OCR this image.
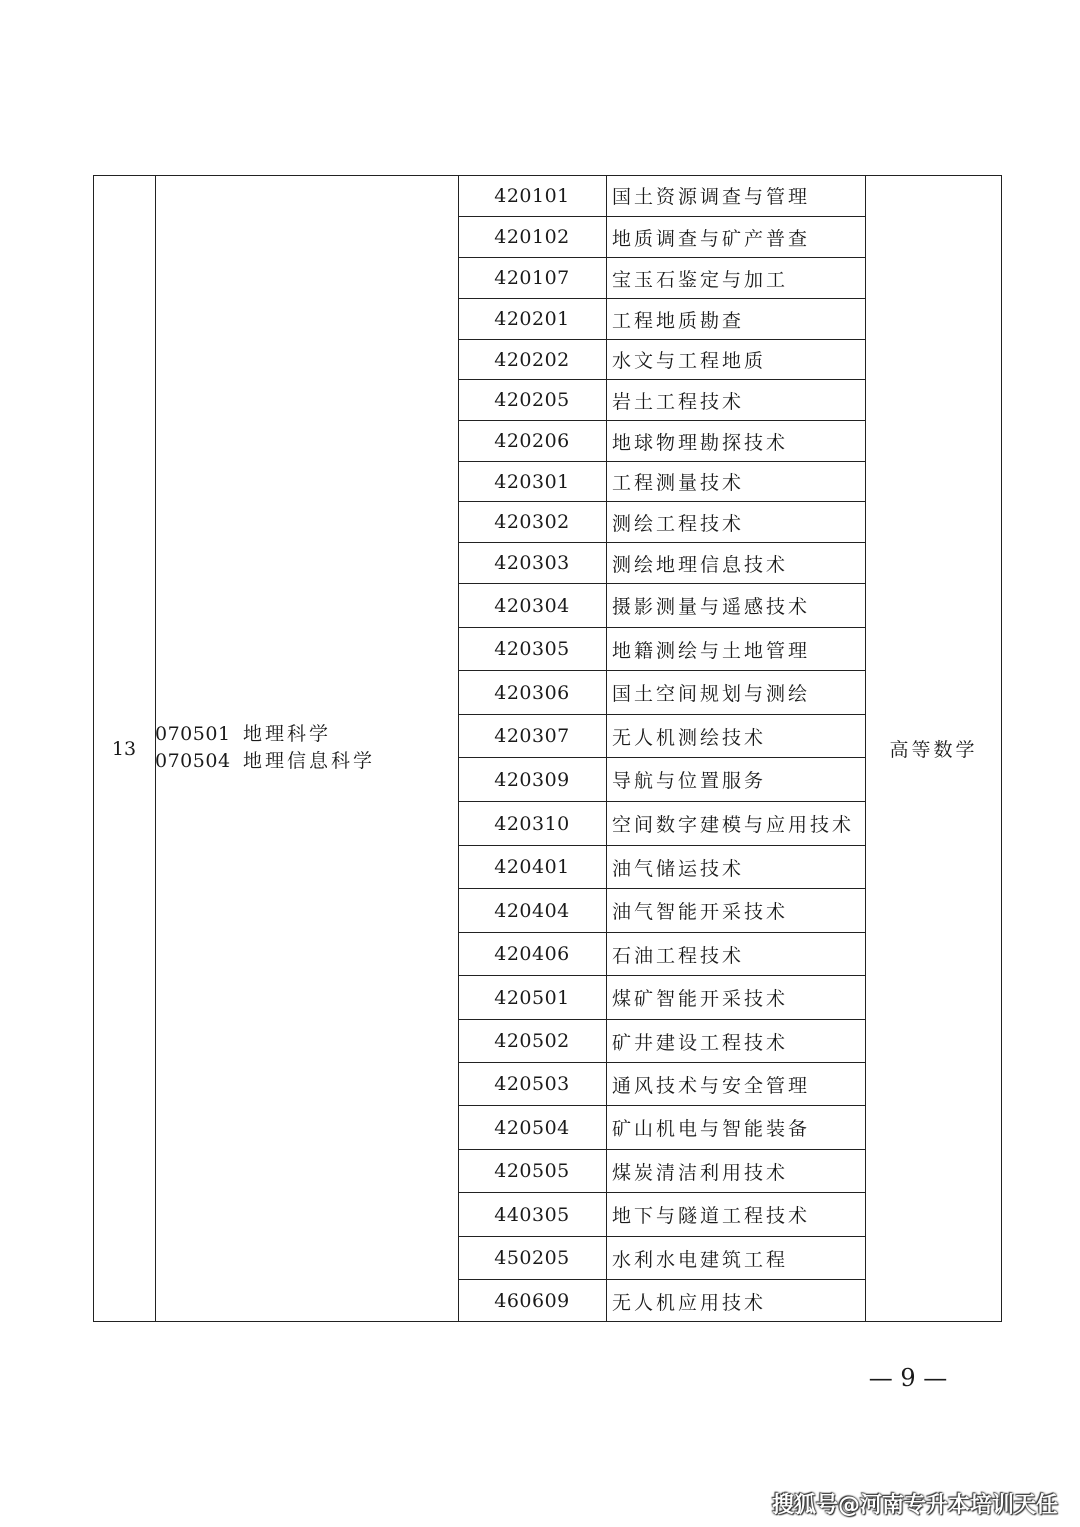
13
070501 地理科学
070504 地理信息科学
420101	国土资源调查与管理
420102	地质调查与矿产普查
420107	宝玉石鉴定与加工
420201	工程地质勘查
420202	水文与工程地质
420205	岩土工程技术
420206	地球物理勘探技术
420301	工程测量技术
420302	测绘工程技术
420303	测绘地理信息技术
420304	摄影测量与遥感技术
420305	地籍测绘与土地管理
420306	国土空间规划与测绘
420307	无人机测绘技术
420309	导航与位置服务
420310	空间数字建模与应用技术
420401	油气储运技术
420404	油气智能开采技术
420406	石油工程技术
420501	煤矿智能开采技术
420502	矿井建设工程技术
420503	通风技术与安全管理
420504	矿山机电与智能装备
420505	煤炭清洁利用技术
440305	地下与隧道工程技术
450205	水利水电建筑工程
460609	无人机应用技术
高等数学
— 9 —
搜狐号@河南专升本培训天任
